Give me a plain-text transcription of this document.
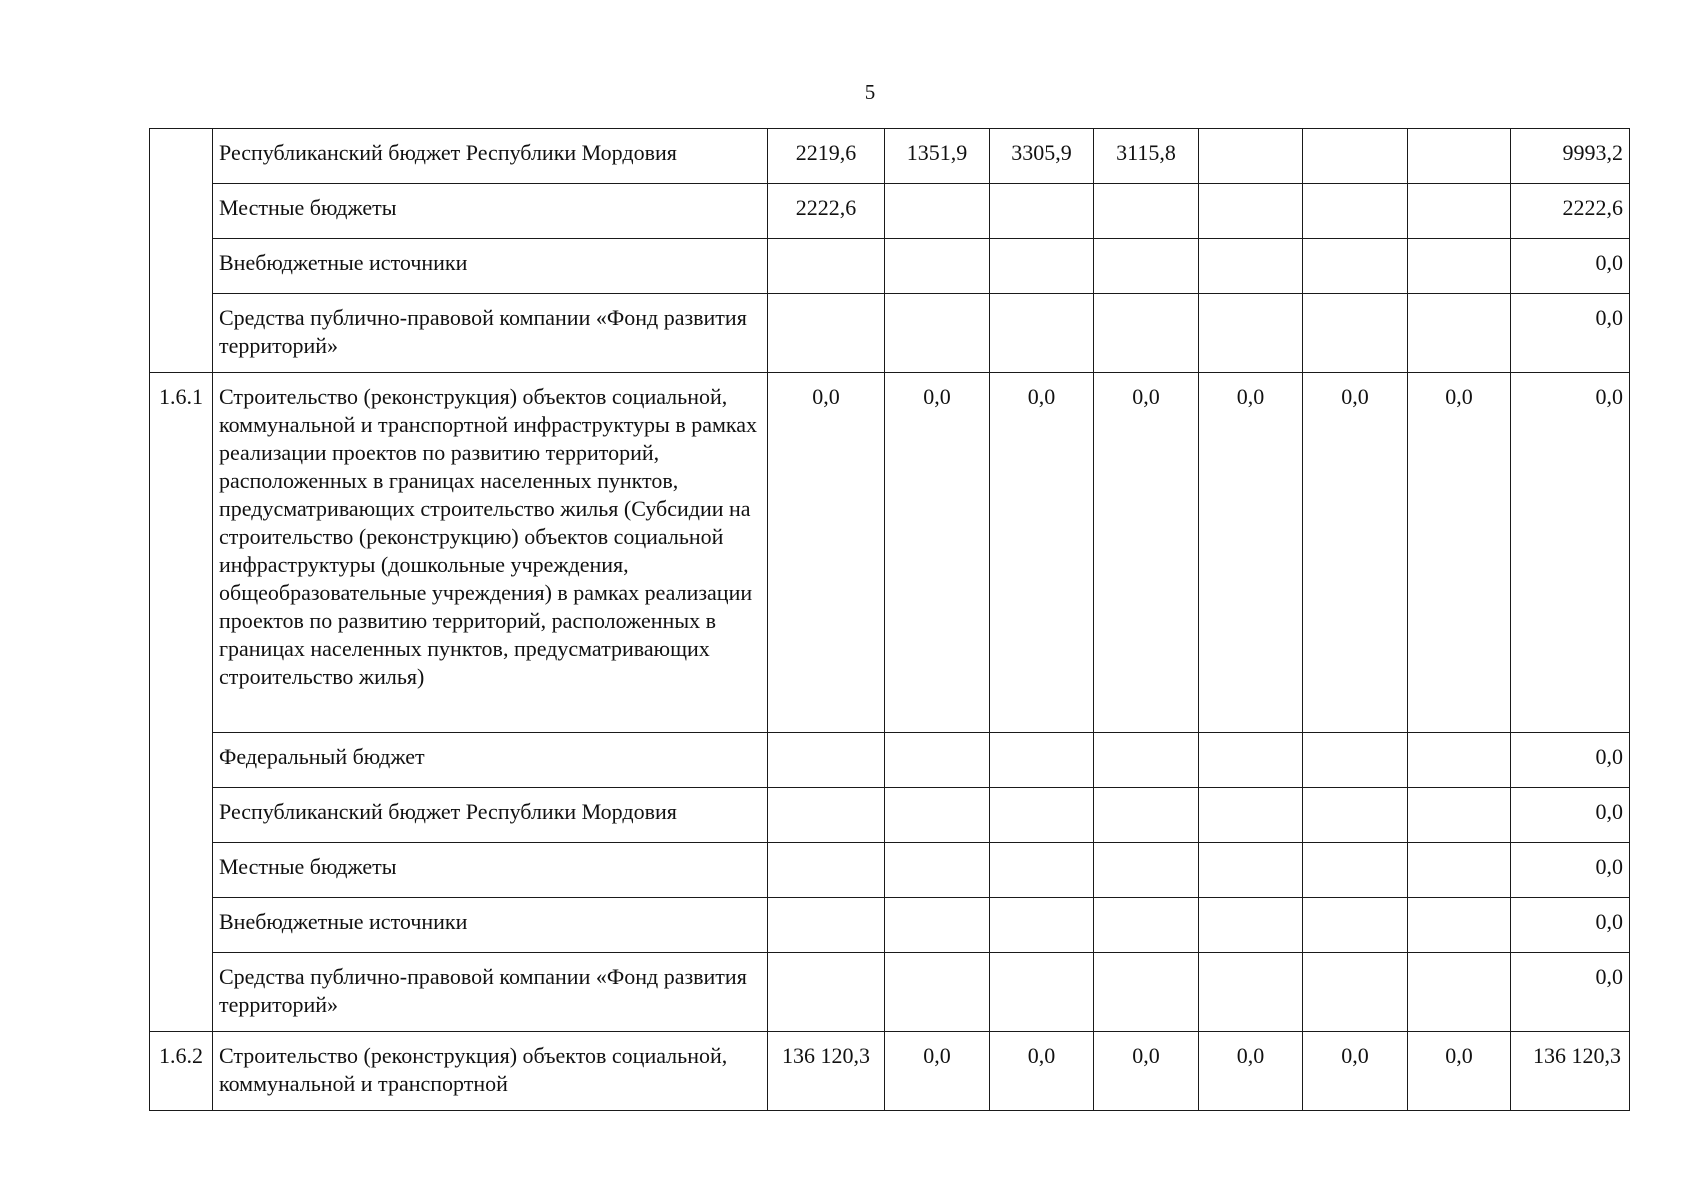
5
	Республиканский бюджет Республики Мордовия	2219,6	1351,9	3305,9	3115,8				9993,2
	Местные бюджеты	2222,6							2222,6
	Внебюджетные источники								0,0
	Средства публично-правовой компании «Фонд развития территорий»								0,0
1.6.1	Строительство (реконструкция) объектов социальной, коммунальной и транспортной инфраструктуры в рамках реализации проектов по развитию территорий, расположенных в границах населенных пунктов, предусматривающих строительство жилья (Субсидии на строительство (реконструкцию) объектов социальной инфраструктуры (дошкольные учреждения, общеобразовательные учреждения) в рамках реализации проектов по развитию территорий, расположенных в границах населенных пунктов, предусматривающих строительство жилья)	0,0	0,0	0,0	0,0	0,0	0,0	0,0	0,0
	Федеральный бюджет								0,0
	Республиканский бюджет Республики Мордовия								0,0
	Местные бюджеты								0,0
	Внебюджетные источники								0,0
	Средства публично-правовой компании «Фонд развития территорий»								0,0
1.6.2	Строительство (реконструкция) объектов социальной, коммунальной и транспортной	136 120,3	0,0	0,0	0,0	0,0	0,0	0,0	136 120,3
